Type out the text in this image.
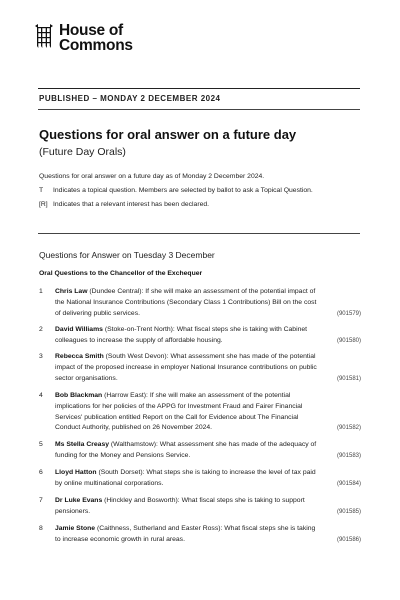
House of
Commons
PUBLISHED – MONDAY 2 DECEMBER 2024
Questions for oral answer on a future day
(Future Day Orals)
Questions for oral answer on a future day as of Monday 2 December 2024.
T	Indicates a topical question. Members are selected by ballot to ask a Topical Question.
[R] Indicates that a relevant interest has been declared.
Questions for Answer on Tuesday 3 December
Oral Questions to the Chancellor of the Exchequer
1 Chris Law (Dundee Central): If she will make an assessment of the potential impact of the National Insurance Contributions (Secondary Class 1 Contributions) Bill on the cost of delivering public services.	(901579)
2 David Williams (Stoke-on-Trent North): What fiscal steps she is taking with Cabinet colleagues to increase the supply of affordable housing.	(901580)
3 Rebecca Smith (South West Devon): What assessment she has made of the potential impact of the proposed increase in employer National Insurance contributions on public sector organisations.	(901581)
4 Bob Blackman (Harrow East): If she will make an assessment of the potential implications for her policies of the APPG for Investment Fraud and Fairer Financial Services' publication entitled Report on the Call for Evidence about The Financial Conduct Authority, published on 26 November 2024.	(901582)
5 Ms Stella Creasy (Walthamstow): What assessment she has made of the adequacy of funding for the Money and Pensions Service.	(901583)
6 Lloyd Hatton (South Dorset): What steps she is taking to increase the level of tax paid by online multinational corporations.	(901584)
7 Dr Luke Evans (Hinckley and Bosworth): What fiscal steps she is taking to support pensioners.	(901585)
8 Jamie Stone (Caithness, Sutherland and Easter Ross): What fiscal steps she is taking to increase economic growth in rural areas.	(901586)
